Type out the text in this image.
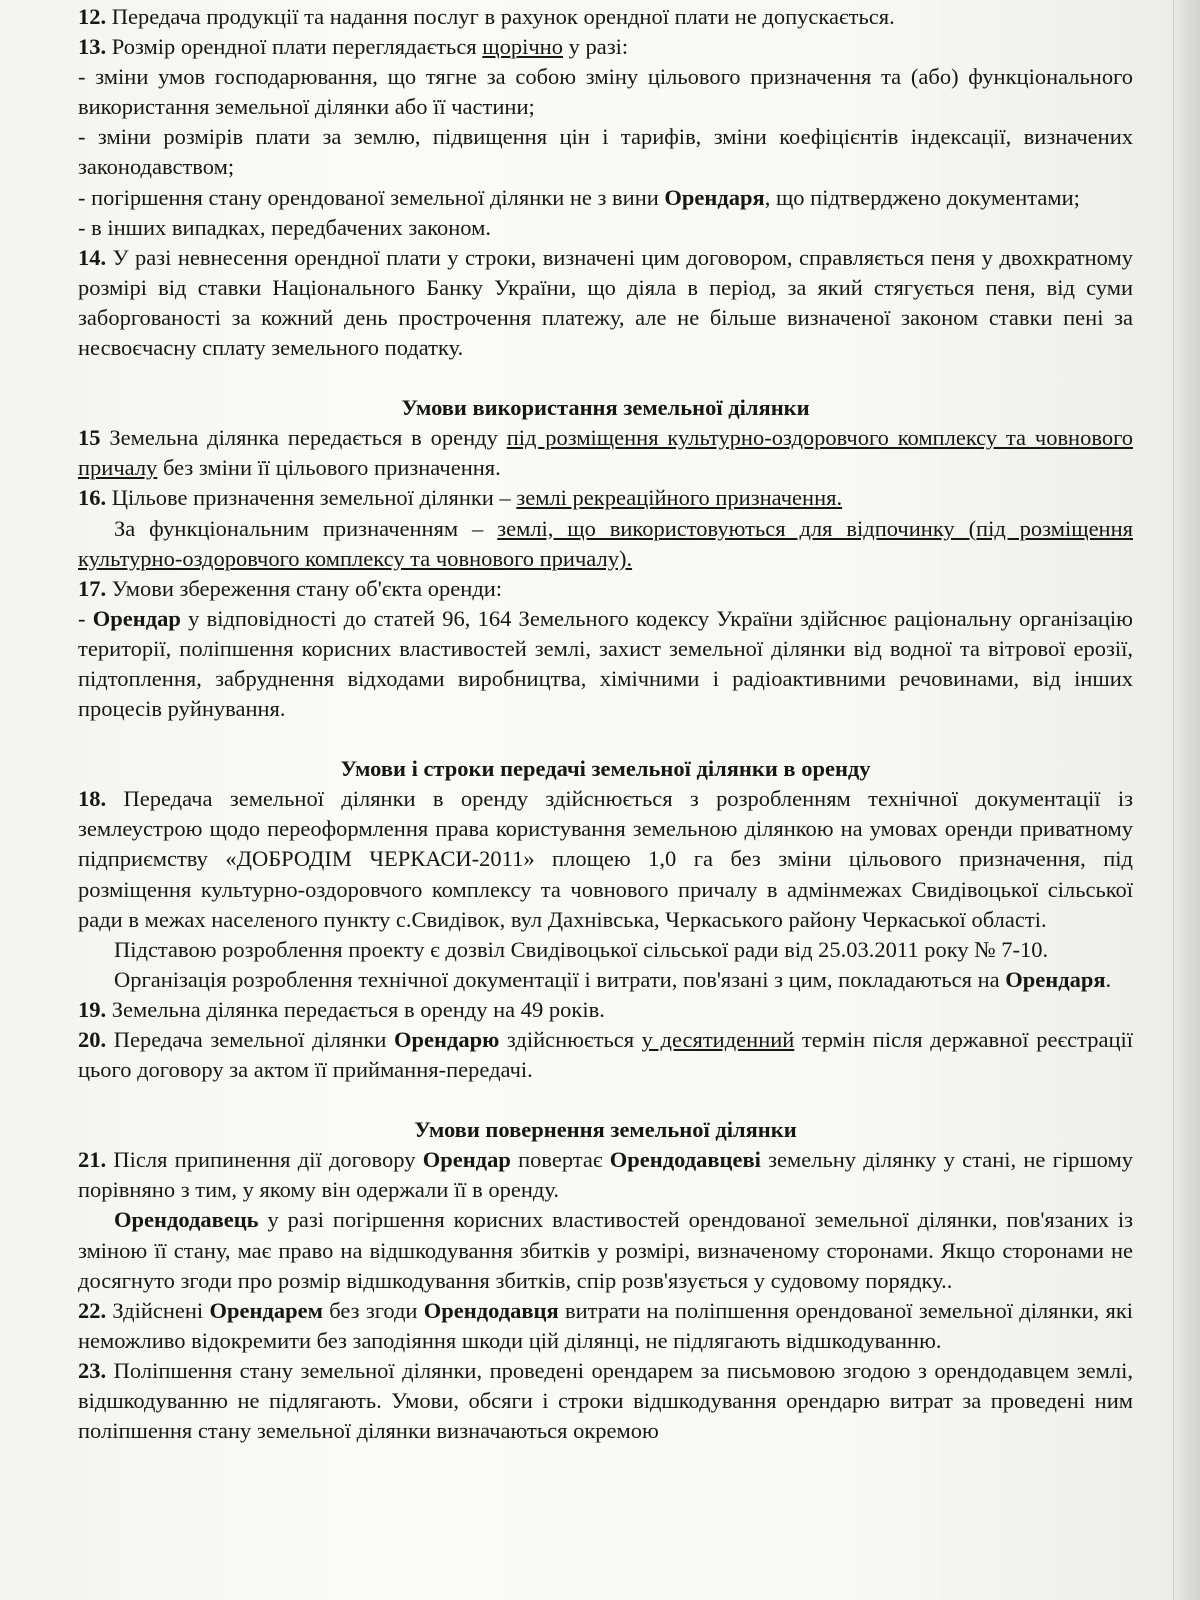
12. Передача продукції та надання послуг в рахунок орендної плати не допускається.

13. Розмір орендної плати переглядається щорічно у разі:

- зміни умов господарювання, що тягне за собою зміну цільового призначення та (або) функціонального використання земельної ділянки або її частини;

- зміни розмірів плати за землю, підвищення цін і тарифів, зміни коефіцієнтів індексації, визначених законодавством;

- погіршення стану орендованої земельної ділянки не з вини Орендаря, що підтверджено документами;

- в інших випадках, передбачених законом.

14. У разі невнесення орендної плати у строки, визначені цим договором, справляється пеня у двохкратному розмірі від ставки Національного Банку України, що діяла в період, за який стягується пеня, від суми заборгованості за кожний день прострочення платежу, але не більше визначеної законом ставки пені за несвоєчасну сплату земельного податку.

Умови використання земельної ділянки

15 Земельна ділянка передається в оренду під розміщення культурно-оздоровчого комплексу та човнового причалу без зміни її цільового призначення.

16. Цільове призначення земельної ділянки – землі рекреаційного призначення.

За функціональним призначенням – землі, що використовуються для відпочинку (під розміщення культурно-оздоровчого комплексу та човнового причалу).

17. Умови збереження стану об'єкта оренди:

- Орендар у відповідності до статей 96, 164 Земельного кодексу України здійснює раціональну організацію території, поліпшення корисних властивостей землі, захист земельної ділянки від водної та вітрової ерозії, підтоплення, забруднення відходами виробництва, хімічними і радіоактивними речовинами, від інших процесів руйнування.

Умови і строки передачі земельної ділянки в оренду

18. Передача земельної ділянки в оренду здійснюється з розробленням технічної документації із землеустрою щодо переоформлення права користування земельною ділянкою на умовах оренди приватному підприємству «ДОБРОДІМ ЧЕРКАСИ-2011» площею 1,0 га без зміни цільового призначення, під розміщення культурно-оздоровчого комплексу та човнового причалу в адмінмежах Свидівоцької сільської ради в межах населеного пункту с.Свидівок, вул Дахнівська, Черкаського району Черкаської області.

Підставою розроблення проекту є дозвіл Свидівоцької сільської ради від 25.03.2011 року № 7-10.

Організація розроблення технічної документації і витрати, пов'язані з цим, покладаються на Орендаря.

19. Земельна ділянка передається в оренду на 49 років.

20. Передача земельної ділянки Орендарю здійснюється у десятиденний термін після державної реєстрації цього договору за актом її приймання-передачі.

Умови повернення земельної ділянки

21. Після припинення дії договору Орендар повертає Орендодавцеві земельну ділянку у стані, не гіршому порівняно з тим, у якому він одержали її в оренду.

Орендодавець у разі погіршення корисних властивостей орендованої земельної ділянки, пов'язаних із зміною її стану, має право на відшкодування збитків у розмірі, визначеному сторонами. Якщо сторонами не досягнуто згоди про розмір відшкодування збитків, спір розв'язується у судовому порядку..

22. Здійснені Орендарем без згоди Орендодавця витрати на поліпшення орендованої земельної ділянки, які неможливо відокремити без заподіяння шкоди цій ділянці, не підлягають відшкодуванню.

23. Поліпшення стану земельної ділянки, проведені орендарем за письмовою згодою з орендодавцем землі, відшкодуванню не підлягають. Умови, обсяги і строки відшкодування орендарю витрат за проведені ним поліпшення стану земельної ділянки визначаються окремою
